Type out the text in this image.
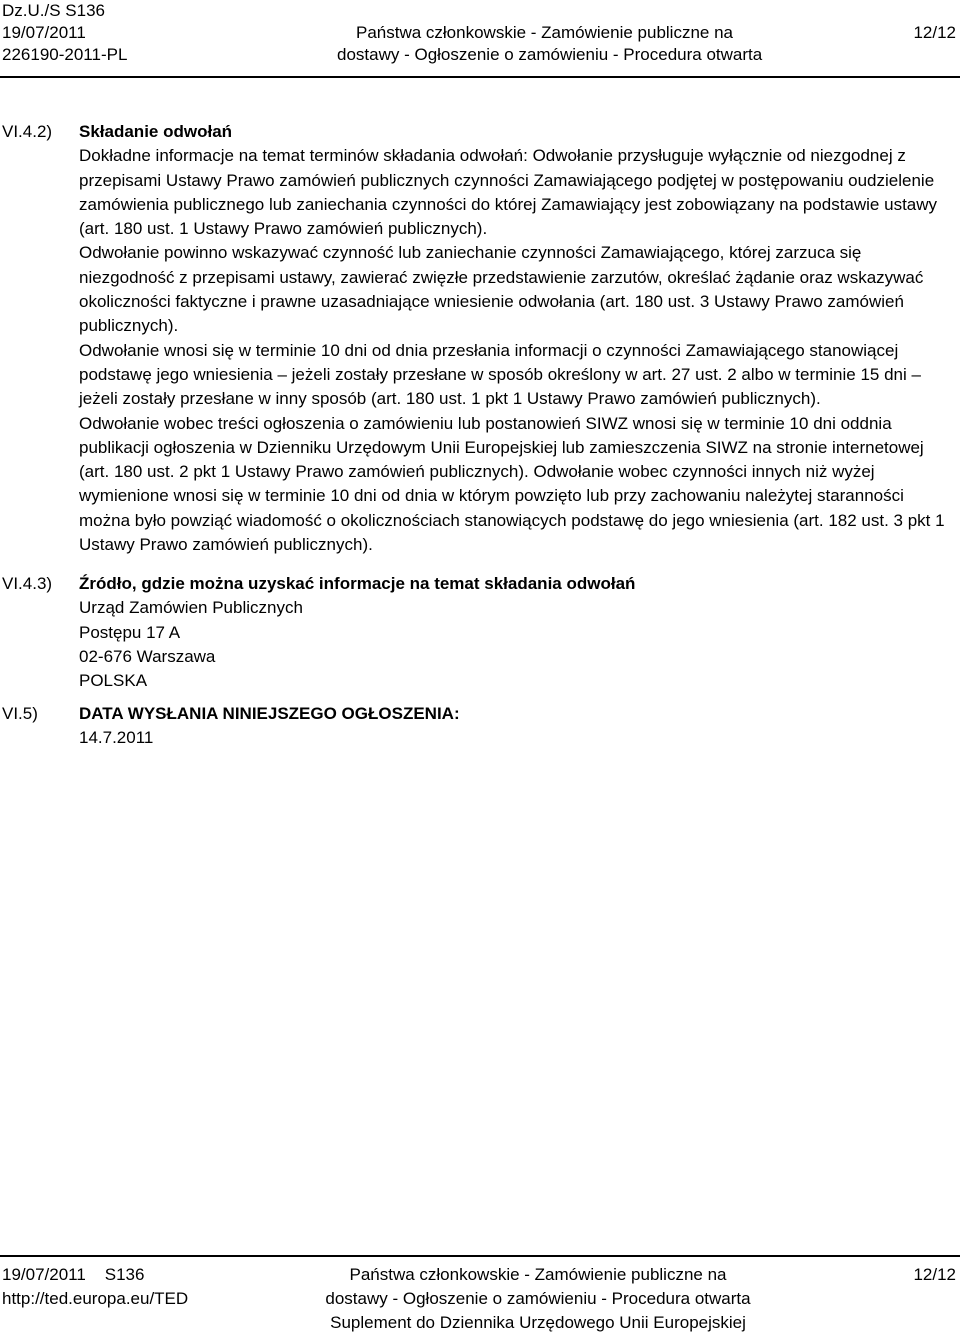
Dz.U./S S136
19/07/2011
226190-2011-PL
Państwa członkowskie - Zamówienie publiczne na
dostawy - Ogłoszenie o zamówieniu - Procedura otwarta
12/12
VI.4.2) Składanie odwołań

Dokładne informacje na temat terminów składania odwołań: Odwołanie przysługuje wyłącznie od niezgodnej z przepisami Ustawy Prawo zamówień publicznych czynności Zamawiającego podjętej w postępowaniu oudzielenie zamówienia publicznego lub zaniechania czynności do której Zamawiający jest zobowiązany na podstawie ustawy (art. 180 ust. 1 Ustawy Prawo zamówień publicznych).

Odwołanie powinno wskazywać czynność lub zaniechanie czynności Zamawiającego, której zarzuca się niezgodność z przepisami ustawy, zawierać zwięzłe przedstawienie zarzutów, określać żądanie oraz wskazywać okoliczności faktyczne i prawne uzasadniające wniesienie odwołania (art. 180 ust. 3 Ustawy Prawo zamówień publicznych).

Odwołanie wnosi się w terminie 10 dni od dnia przesłania informacji o czynności Zamawiającego stanowiącej podstawę jego wniesienia – jeżeli zostały przesłane w sposób określony w art. 27 ust. 2 albo w terminie 15 dni – jeżeli zostały przesłane w inny sposób (art. 180 ust. 1 pkt 1 Ustawy Prawo zamówień publicznych).

Odwołanie wobec treści ogłoszenia o zamówieniu lub postanowień SIWZ wnosi się w terminie 10 dni oddnia publikacji ogłoszenia w Dzienniku Urzędowym Unii Europejskiej lub zamieszczenia SIWZ na stronie internetowej (art. 180 ust. 2 pkt 1 Ustawy Prawo zamówień publicznych). Odwołanie wobec czynności innych niż wyżej wymienione wnosi się w terminie 10 dni od dnia w którym powzięto lub przy zachowaniu należytej staranności można było powziąć wiadomość o okolicznościach stanowiących podstawę do jego wniesienia (art. 182 ust. 3 pkt 1 Ustawy Prawo zamówień publicznych).

VI.4.3) Źródło, gdzie można uzyskać informacje na temat składania odwołań

Urząd Zamówien Publicznych

Postępu 17 A

02-676 Warszawa

POLSKA

VI.5) DATA WYSŁANIA NINIEJSZEGO OGŁOSZENIA:

14.7.2011

19/07/2011 S136
http://ted.europa.eu/TED
Państwa członkowskie - Zamówienie publiczne na
dostawy - Ogłoszenie o zamówieniu - Procedura otwarta
Suplement do Dziennika Urzędowego Unii Europejskiej
12/12
